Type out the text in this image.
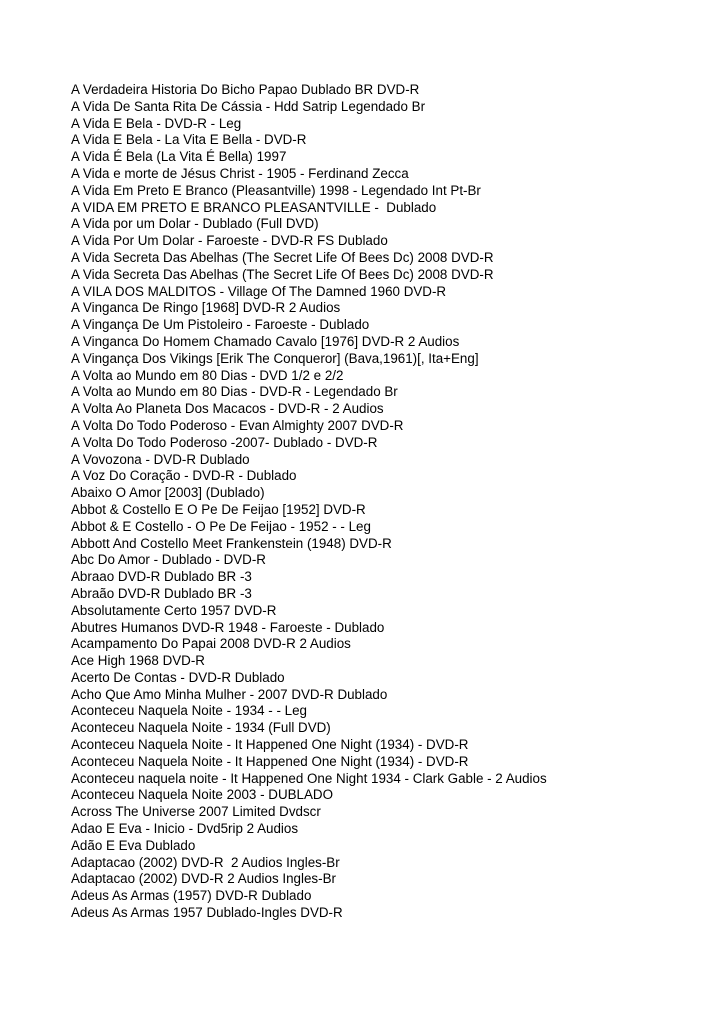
A Verdadeira Historia Do Bicho Papao Dublado BR DVD-R
A Vida De Santa Rita De Cássia - Hdd Satrip Legendado Br
A Vida E Bela - DVD-R - Leg
A Vida E Bela - La Vita E Bella - DVD-R
A Vida É Bela (La Vita É Bella) 1997
A Vida e morte de Jésus Christ - 1905 - Ferdinand Zecca
A Vida Em Preto E Branco (Pleasantville) 1998 - Legendado Int Pt-Br
A VIDA EM PRETO E BRANCO PLEASANTVILLE -  Dublado
A Vida por um Dolar - Dublado (Full DVD)
A Vida Por Um Dolar - Faroeste - DVD-R FS Dublado
A Vida Secreta Das Abelhas (The Secret Life Of Bees Dc) 2008 DVD-R
A Vida Secreta Das Abelhas (The Secret Life Of Bees Dc) 2008 DVD-R
A VILA DOS MALDITOS - Village Of The Damned 1960 DVD-R
A Vinganca De Ringo [1968] DVD-R 2 Audios
A Vingança De Um Pistoleiro - Faroeste - Dublado
A Vinganca Do Homem Chamado Cavalo [1976] DVD-R 2 Audios
A Vingança Dos Vikings [Erik The Conqueror] (Bava,1961)[, Ita+Eng]
A Volta ao Mundo em 80 Dias - DVD 1/2 e 2/2
A Volta ao Mundo em 80 Dias - DVD-R - Legendado Br
A Volta Ao Planeta Dos Macacos - DVD-R - 2 Audios
A Volta Do Todo Poderoso - Evan Almighty 2007 DVD-R
A Volta Do Todo Poderoso -2007- Dublado - DVD-R
A Vovozona - DVD-R Dublado
A Voz Do Coração - DVD-R - Dublado
Abaixo O Amor [2003] (Dublado)
Abbot & Costello E O Pe De Feijao [1952] DVD-R
Abbot & E Costello - O Pe De Feijao - 1952 - - Leg
Abbott And Costello Meet Frankenstein (1948) DVD-R
Abc Do Amor - Dublado - DVD-R
Abraao DVD-R Dublado BR -3
Abraão DVD-R Dublado BR -3
Absolutamente Certo 1957 DVD-R
Abutres Humanos DVD-R 1948 - Faroeste - Dublado
Acampamento Do Papai 2008 DVD-R 2 Audios
Ace High 1968 DVD-R
Acerto De Contas - DVD-R Dublado
Acho Que Amo Minha Mulher - 2007 DVD-R Dublado
Aconteceu Naquela Noite - 1934 - - Leg
Aconteceu Naquela Noite - 1934 (Full DVD)
Aconteceu Naquela Noite - It Happened One Night (1934) - DVD-R
Aconteceu Naquela Noite - It Happened One Night (1934) - DVD-R
Aconteceu naquela noite - It Happened One Night 1934 - Clark Gable - 2 Audios
Aconteceu Naquela Noite 2003 - DUBLADO
Across The Universe 2007 Limited Dvdscr
Adao E Eva - Inicio - Dvd5rip 2 Audios
Adão E Eva Dublado
Adaptacao (2002) DVD-R  2 Audios Ingles-Br
Adaptacao (2002) DVD-R 2 Audios Ingles-Br
Adeus As Armas (1957) DVD-R Dublado
Adeus As Armas 1957 Dublado-Ingles DVD-R
